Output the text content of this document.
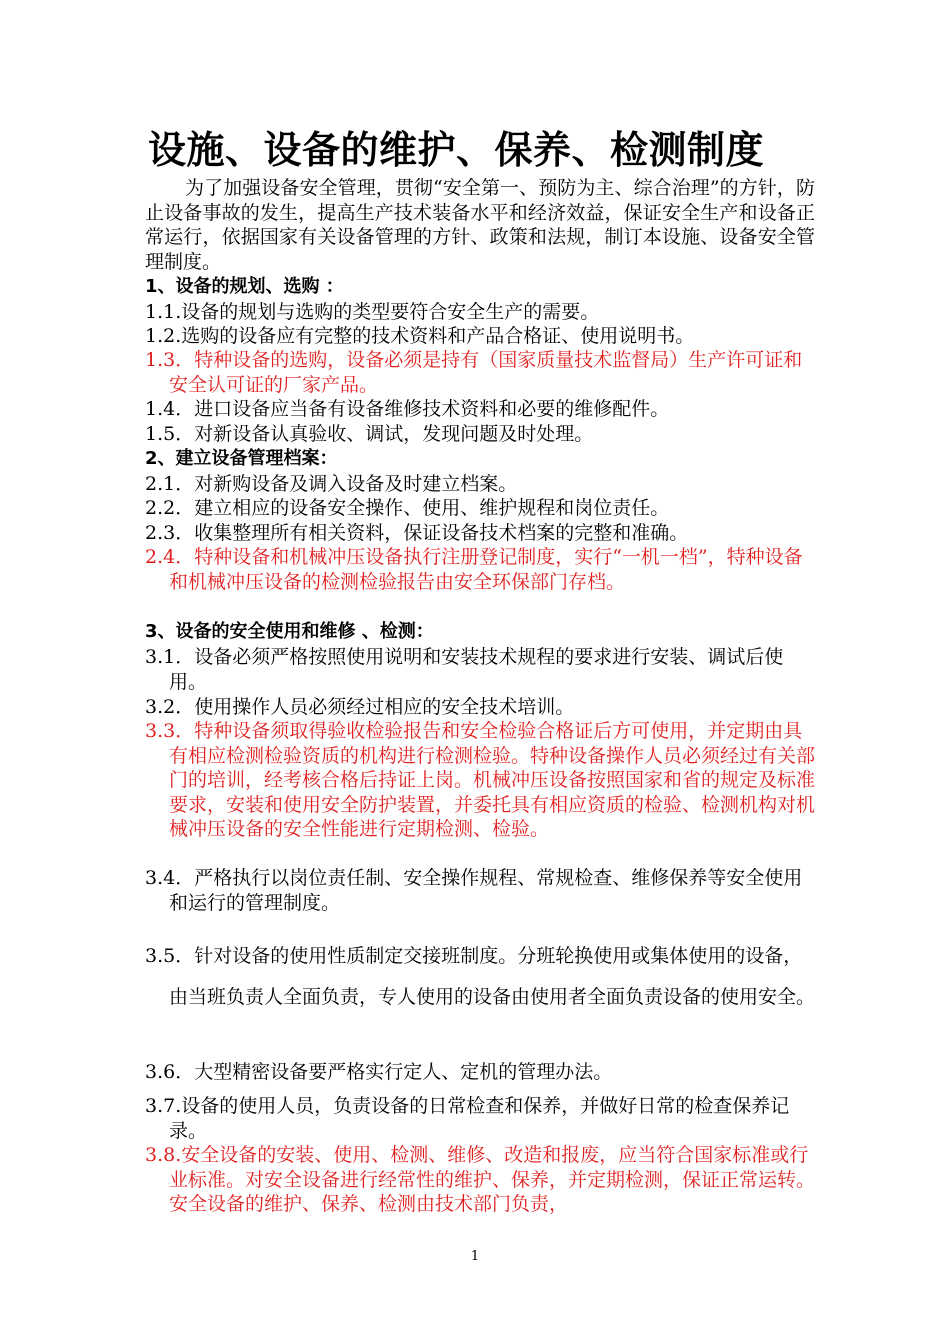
设施、设备的维护、保养、检测制度
为了加强设备安全管理，贯彻“安全第一、预防为主、综合治理”的方针，防止设备事故的发生，提高生产技术装备水平和经济效益，保证安全生产和设备正常运行，依据国家有关设备管理的方针、政策和法规，制订本设施、设备安全管理制度。
1、设备的规划、选购 ：
1.1.设备的规划与选购的类型要符合安全生产的需要。
1.2.选购的设备应有完整的技术资料和产品合格证、使用说明书。
1.3．特种设备的选购，设备必须是持有（国家质量技术监督局）生产许可证和安全认可证的厂家产品。
1.4．进口设备应当备有设备维修技术资料和必要的维修配件。
1.5．对新设备认真验收、调试，发现问题及时处理。
2、建立设备管理档案：
2.1．对新购设备及调入设备及时建立档案。
2.2．建立相应的设备安全操作、使用、维护规程和岗位责任。
2.3．收集整理所有相关资料，保证设备技术档案的完整和准确。
2.4．特种设备和机械冲压设备执行注册登记制度，实行“一机一档”，特种设备和机械冲压设备的检测检验报告由安全环保部门存档。
3、设备的安全使用和维修 、检测：
3.1．设备必须严格按照使用说明和安装技术规程的要求进行安装、调试后使用。
3.2．使用操作人员必须经过相应的安全技术培训。
3.3．特种设备须取得验收检验报告和安全检验合格证后方可使用，并定期由具有相应检测检验资质的机构进行检测检验。特种设备操作人员必须经过有关部门的培训，经考核合格后持证上岗。机械冲压设备按照国家和省的规定及标准要求，安装和使用安全防护装置，并委托具有相应资质的检验、检测机构对机械冲压设备的安全性能进行定期检测、检验。
3.4．严格执行以岗位责任制、安全操作规程、常规检查、维修保养等安全使用和运行的管理制度。
3.5．针对设备的使用性质制定交接班制度。分班轮换使用或集体使用的设备，由当班负责人全面负责，专人使用的设备由使用者全面负责设备的使用安全。
3.6．大型精密设备要严格实行定人、定机的管理办法。
3.7.设备的使用人员，负责设备的日常检查和保养，并做好日常的检查保养记录。
3.8.安全设备的安装、使用、检测、维修、改造和报废，应当符合国家标准或行业标准。对安全设备进行经常性的维护、保养，并定期检测，保证正常运转。安全设备的维护、保养、检测由技术部门负责，
1
